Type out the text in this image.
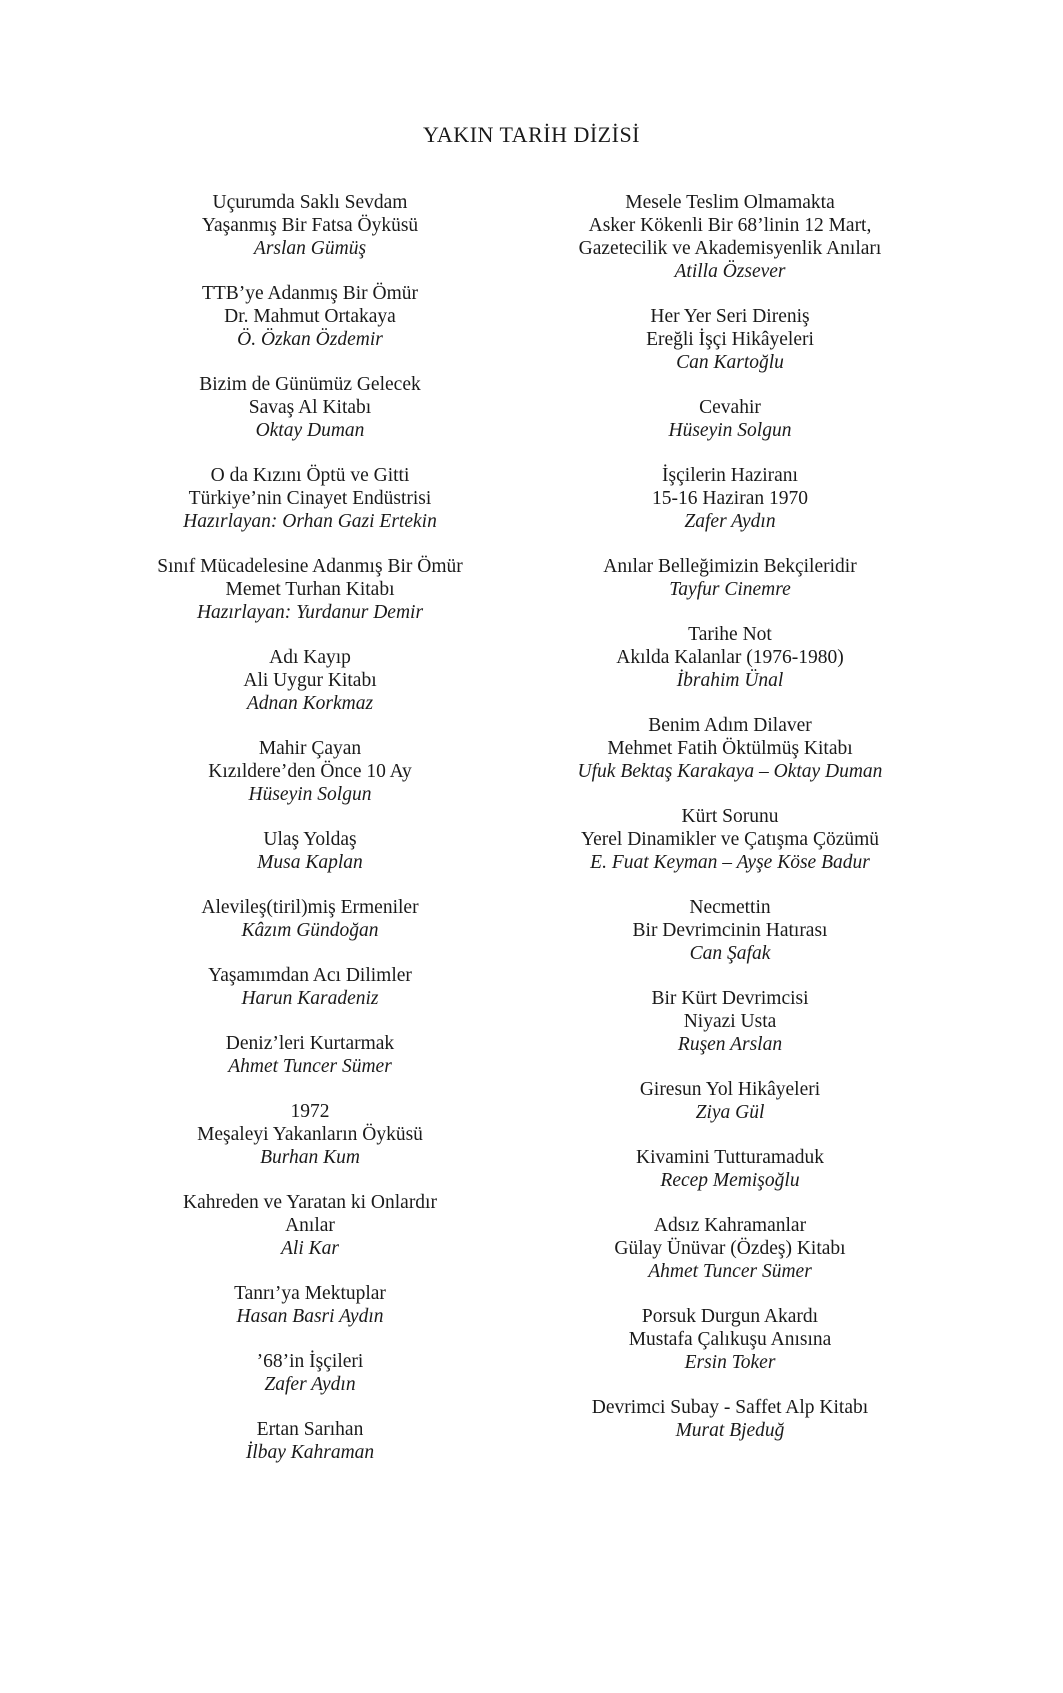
YAKIN TARİH DİZİSİ
Uçurumda Saklı Sevdam
Yaşanmış Bir Fatsa Öyküsü
Arslan Gümüş
TTB’ye Adanmış Bir Ömür
Dr. Mahmut Ortakaya
Ö. Özkan Özdemir
Bizim de Günümüz Gelecek
Savaş Al Kitabı
Oktay Duman
O da Kızını Öptü ve Gitti
Türkiye’nin Cinayet Endüstrisi
Hazırlayan: Orhan Gazi Ertekin
Sınıf Mücadelesine Adanmış Bir Ömür
Memet Turhan Kitabı
Hazırlayan: Yurdanur Demir
Adı Kayıp
Ali Uygur Kitabı
Adnan Korkmaz
Mahir Çayan
Kızıldere’den Önce 10 Ay
Hüseyin Solgun
Ulaş Yoldaş
Musa Kaplan
Alevileş(tiril)miş Ermeniler
Kâzım Gündoğan
Yaşamımdan Acı Dilimler
Harun Karadeniz
Deniz’leri Kurtarmak
Ahmet Tuncer Sümer
1972
Meşaleyi Yakanların Öyküsü
Burhan Kum
Kahreden ve Yaratan ki Onlardır
Anılar
Ali Kar
Tanrı’ya Mektuplar
Hasan Basri Aydın
’68’in İşçileri
Zafer Aydın
Ertan Sarıhan
İlbay Kahraman
Mesele Teslim Olmamakta
Asker Kökenli Bir 68’linin 12 Mart,
Gazetecilik ve Akademisyenlik Anıları
Atilla Özsever
Her Yer Seri Direniş
Ereğli İşçi Hikâyeleri
Can Kartoğlu
Cevahir
Hüseyin Solgun
İşçilerin Haziranı
15-16 Haziran 1970
Zafer Aydın
Anılar Belleğimizin Bekçileridir
Tayfur Cinemre
Tarihe Not
Akılda Kalanlar (1976-1980)
İbrahim Ünal
Benim Adım Dilaver
Mehmet Fatih Öktülmüş Kitabı
Ufuk Bektaş Karakaya – Oktay Duman
Kürt Sorunu
Yerel Dinamikler ve Çatışma Çözümü
E. Fuat Keyman – Ayşe Köse Badur
Necmettin
Bir Devrimcinin Hatırası
Can Şafak
Bir Kürt Devrimcisi
Niyazi Usta
Ruşen Arslan
Giresun Yol Hikâyeleri
Ziya Gül
Kivamini Tutturamaduk
Recep Memişoğlu
Adsız Kahramanlar
Gülay Ünüvar (Özdeş) Kitabı
Ahmet Tuncer Sümer
Porsuk Durgun Akardı
Mustafa Çalıkuşu Anısına
Ersin Toker
Devrimci Subay - Saffet Alp Kitabı
Murat Bjeduğ
